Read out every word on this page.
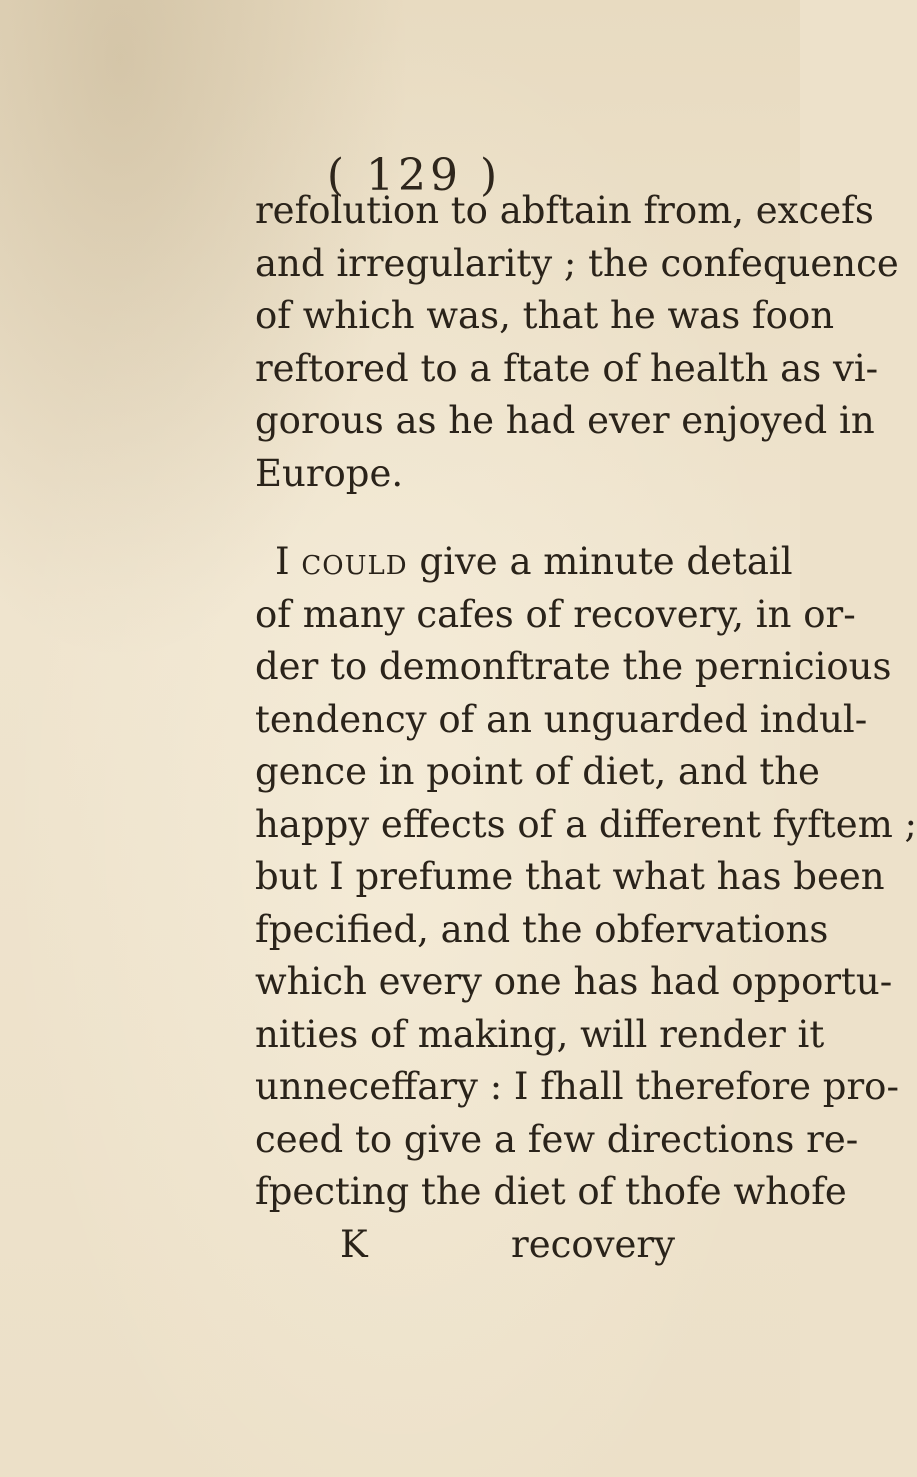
( 129 )
refolution to abftain from, excefs
and irregularity ; the confequence
of which was, that he was foon
reftored to a ftate of health as vi-
gorous as he had ever enjoyed in
Europe.
I could give a minute detail
of many cafes of recovery, in or-
der to demonftrate the pernicious
tendency of an unguarded indul-
gence in point of diet, and the
happy effects of a different fyftem ;
but I prefume that what has been
fpecified, and the obfervations
which every one has had opportu-
nities of making, will render it
unneceffary : I fhall therefore pro-
ceed to give a few directions re-
fpecting the diet of thofe whofe
K	recovery
